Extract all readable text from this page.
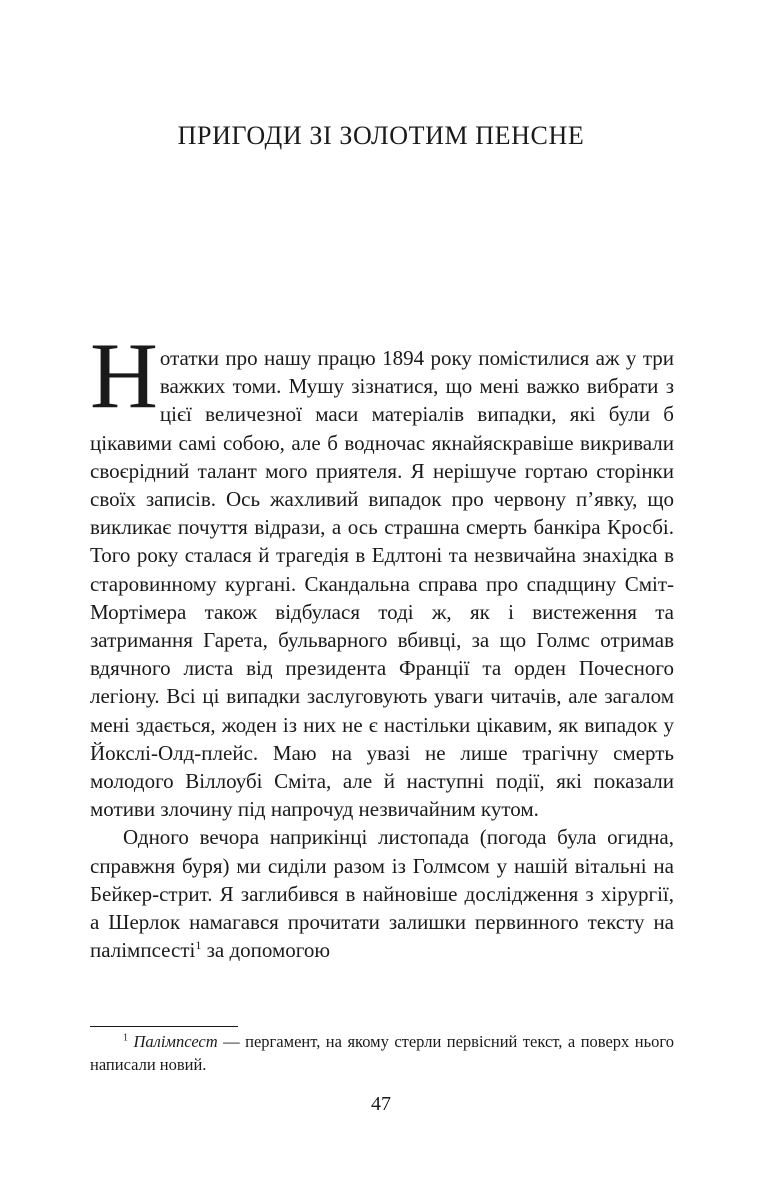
ПРИГОДИ ЗІ ЗОЛОТИМ ПЕНСНЕ

Нотатки про нашу працю 1894 року помістилися аж у три важких томи. Мушу зізнатися, що мені важко вибрати з цієї величезної маси матеріалів випадки, які були б цікавими самі собою, але б водночас якнайяскравіше викривали своєрідний талант мого приятеля. Я нерішуче гортаю сторінки своїх записів. Ось жахливий випадок про червону п’явку, що викликає почуття відрази, а ось страшна смерть банкіра Кросбі. Того року сталася й трагедія в Едлтоні та незвичайна знахідка в старовинному кургані. Скандальна справа про спадщину Сміт-Мортімера також відбулася тоді ж, як і вистеження та затримання Гарета, бульварного вбивці, за що Голмс отримав вдячного листа від президента Франції та орден Почесного легіону. Всі ці випадки заслуговують уваги читачів, але загалом мені здається, жоден із них не є настільки цікавим, як випадок у Йокслі-Олд-плейс. Маю на увазі не лише трагічну смерть молодого Віллоубі Сміта, але й наступні події, які показали мотиви злочину під напрочуд незвичайним кутом.

Одного вечора наприкінці листопада (погода була огидна, справжня буря) ми сиділи разом із Голмсом у нашій вітальні на Бейкер-стрит. Я заглибився в найновіше дослідження з хірургії, а Шерлок намагався прочитати залишки первинного тексту на палімпсесті$^1$ за допомогою

$^1$ Палімпсест — пергамент, на якому стерли первісний текст, а поверх нього написали новий.

47
